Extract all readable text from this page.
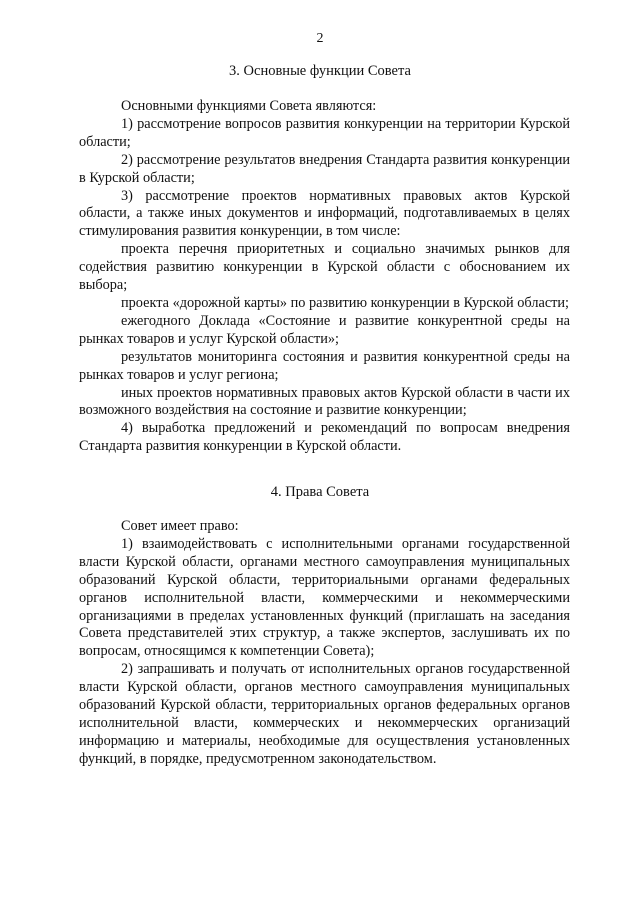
2
3. Основные функции Совета

Основными функциями Совета являются:

1) рассмотрение вопросов развития конкуренции на территории Курской области;

2) рассмотрение результатов внедрения Стандарта развития конкуренции в Курской области;

3) рассмотрение проектов нормативных правовых актов Курской области, а также иных документов и информаций, подготавливаемых в целях стимулирования развития конкуренции, в том числе:

проекта перечня приоритетных и социально значимых рынков для содействия развитию конкуренции в Курской области с обоснованием их выбора;

проекта «дорожной карты» по развитию конкуренции в Курской области;

ежегодного Доклада «Состояние и развитие конкурентной среды на рынках товаров и услуг Курской области»;

результатов мониторинга состояния и развития конкурентной среды на рынках товаров и услуг региона;

иных проектов нормативных правовых актов Курской области в части их возможного воздействия на состояние и развитие конкуренции;

4) выработка предложений и рекомендаций по вопросам внедрения Стандарта развития конкуренции в Курской области.

4. Права Совета

Совет имеет право:

1) взаимодействовать с исполнительными органами государственной власти Курской области, органами местного самоуправления муниципальных образований Курской области, территориальными органами федеральных органов исполнительной власти, коммерческими и некоммерческими организациями в пределах установленных функций (приглашать на заседания Совета представителей этих структур, а также экспертов, заслушивать их по вопросам, относящимся к компетенции Совета);

2) запрашивать и получать от исполнительных органов государственной власти Курской области, органов местного самоуправления муниципальных образований Курской области, территориальных органов федеральных органов исполнительной власти, коммерческих и некоммерческих организаций информацию и материалы, необходимые для осуществления установленных функций, в порядке, предусмотренном законодательством.
